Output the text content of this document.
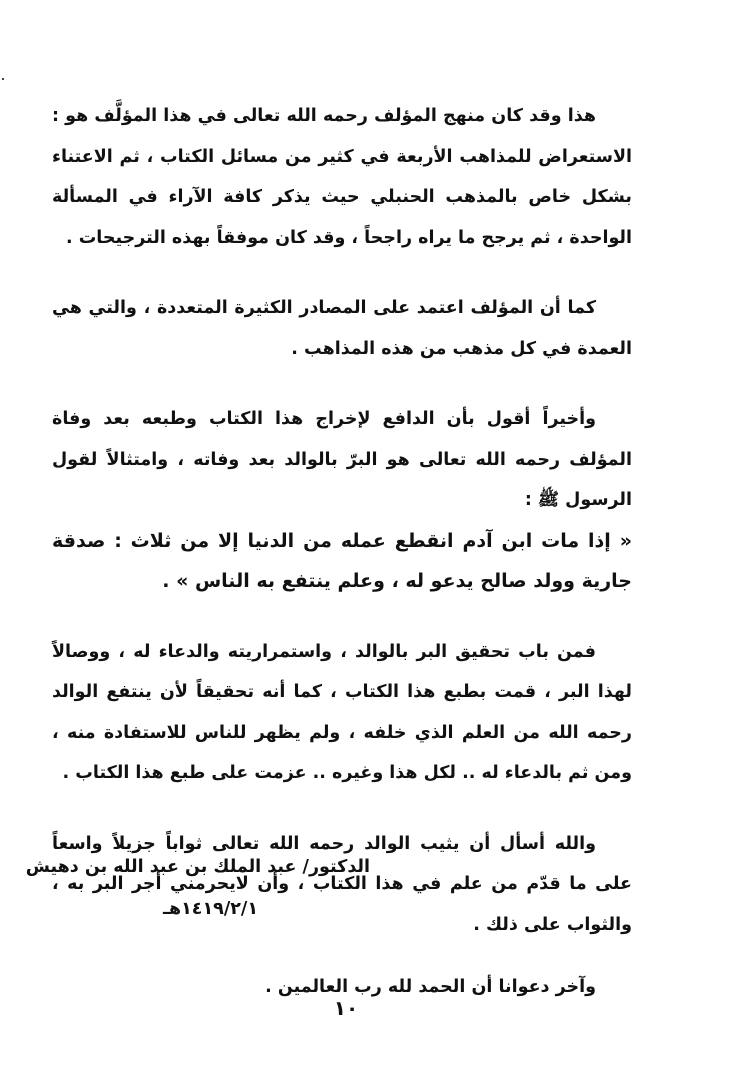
هذا وقد كان منهج المؤلف رحمه الله تعالى في هذا المؤلَّف هو : الاستعراض للمذاهب الأربعة في كثير من مسائل الكتاب ، ثم الاعتناء بشكل خاص بالمذهب الحنبلي حيث يذكر كافة الآراء في المسألة الواحدة ، ثم يرجح ما يراه راجحاً ، وقد كان موفقاً بهذه الترجيحات .

كما أن المؤلف اعتمد على المصادر الكثيرة المتعددة ، والتي هي العمدة في كل مذهب من هذه المذاهب .

وأخيراً أقول بأن الدافع لإخراج هذا الكتاب وطبعه بعد وفاة المؤلف رحمه الله تعالى هو البرّ بالوالد بعد وفاته ، وامتثالاً لقول الرسول ﷺ :

« إذا مات ابن آدم انقطع عمله من الدنيا إلا من ثلاث : صدقة جارية وولد صالح يدعو له ، وعلم ينتفع به الناس » .

فمن باب تحقيق البر بالوالد ، واستمراريته والدعاء له ، ووصالاً لهذا البر ، قمت بطبع هذا الكتاب ، كما أنه تحقيقاً لأن ينتفع الوالد رحمه الله من العلم الذي خلفه ، ولم يظهر للناس للاستفادة منه ، ومن ثم بالدعاء له .. لكل هذا وغيره .. عزمت على طبع هذا الكتاب .

والله أسأل أن يثيب الوالد رحمه الله تعالى ثواباً جزيلاً واسعاً على ما قدّم من علم في هذا الكتاب ، وأن لايحرمني أجر البر به ، والثواب على ذلك .

وآخر دعوانا أن الحمد لله رب العالمين .

الدكتور/ عبد الملك بن عبد الله بن دهيش
١٤١٩/٢/١هـ
١٠
